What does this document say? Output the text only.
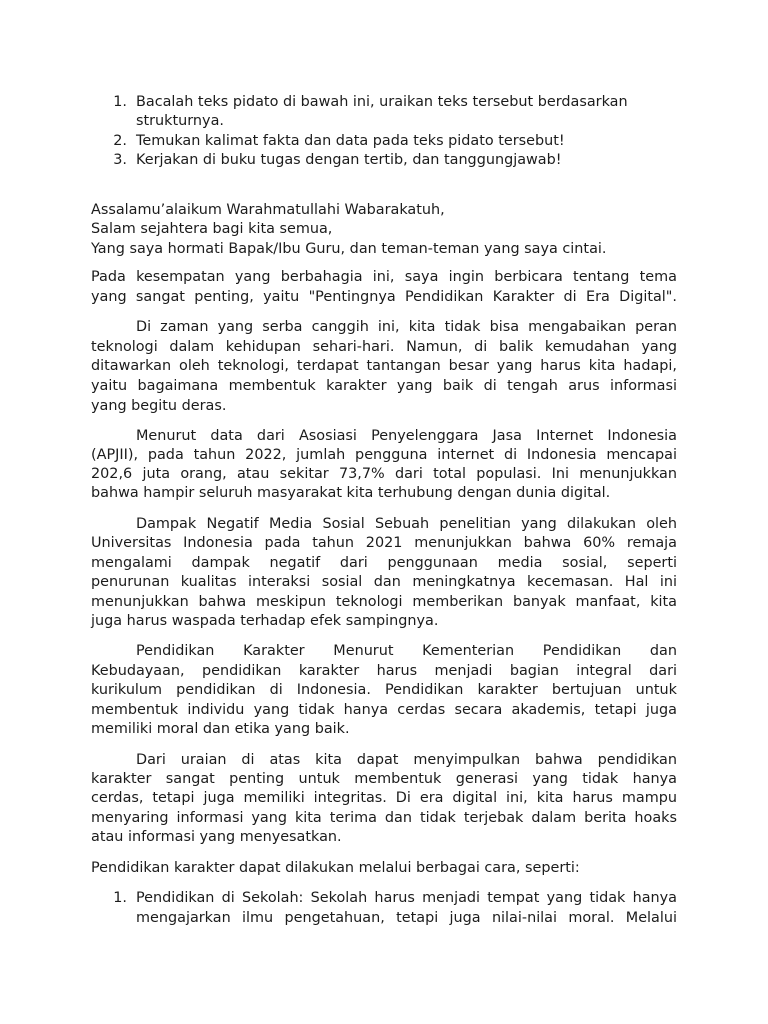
1. Bacalah teks pidato di bawah ini, uraikan teks tersebut berdasarkan
strukturnya.
2. Temukan kalimat fakta dan data pada teks pidato tersebut!
3. Kerjakan di buku tugas dengan tertib, dan tanggungjawab!
Assalamu’alaikum Warahmatullahi Wabarakatuh,
Salam sejahtera bagi kita semua,
Yang saya hormati Bapak/Ibu Guru, dan teman-teman yang saya cintai.
Pada kesempatan yang berbahagia ini, saya ingin berbicara tentang tema
yang sangat penting, yaitu "Pentingnya Pendidikan Karakter di Era Digital".
Di zaman yang serba canggih ini, kita tidak bisa mengabaikan peran
teknologi dalam kehidupan sehari-hari. Namun, di balik kemudahan yang
ditawarkan oleh teknologi, terdapat tantangan besar yang harus kita hadapi,
yaitu bagaimana membentuk karakter yang baik di tengah arus informasi
yang begitu deras.
Menurut data dari Asosiasi Penyelenggara Jasa Internet Indonesia
(APJII), pada tahun 2022, jumlah pengguna internet di Indonesia mencapai
202,6 juta orang, atau sekitar 73,7% dari total populasi. Ini menunjukkan
bahwa hampir seluruh masyarakat kita terhubung dengan dunia digital.
Dampak Negatif Media Sosial Sebuah penelitian yang dilakukan oleh
Universitas Indonesia pada tahun 2021 menunjukkan bahwa 60% remaja
mengalami dampak negatif dari penggunaan media sosial, seperti
penurunan kualitas interaksi sosial dan meningkatnya kecemasan. Hal ini
menunjukkan bahwa meskipun teknologi memberikan banyak manfaat, kita
juga harus waspada terhadap efek sampingnya.
Pendidikan Karakter Menurut Kementerian Pendidikan dan
Kebudayaan, pendidikan karakter harus menjadi bagian integral dari
kurikulum pendidikan di Indonesia. Pendidikan karakter bertujuan untuk
membentuk individu yang tidak hanya cerdas secara akademis, tetapi juga
memiliki moral dan etika yang baik.
Dari uraian di atas kita dapat menyimpulkan bahwa pendidikan
karakter sangat penting untuk membentuk generasi yang tidak hanya
cerdas, tetapi juga memiliki integritas. Di era digital ini, kita harus mampu
menyaring informasi yang kita terima dan tidak terjebak dalam berita hoaks
atau informasi yang menyesatkan.
Pendidikan karakter dapat dilakukan melalui berbagai cara, seperti:
1. Pendidikan di Sekolah: Sekolah harus menjadi tempat yang tidak hanya
mengajarkan ilmu pengetahuan, tetapi juga nilai-nilai moral. Melalui
